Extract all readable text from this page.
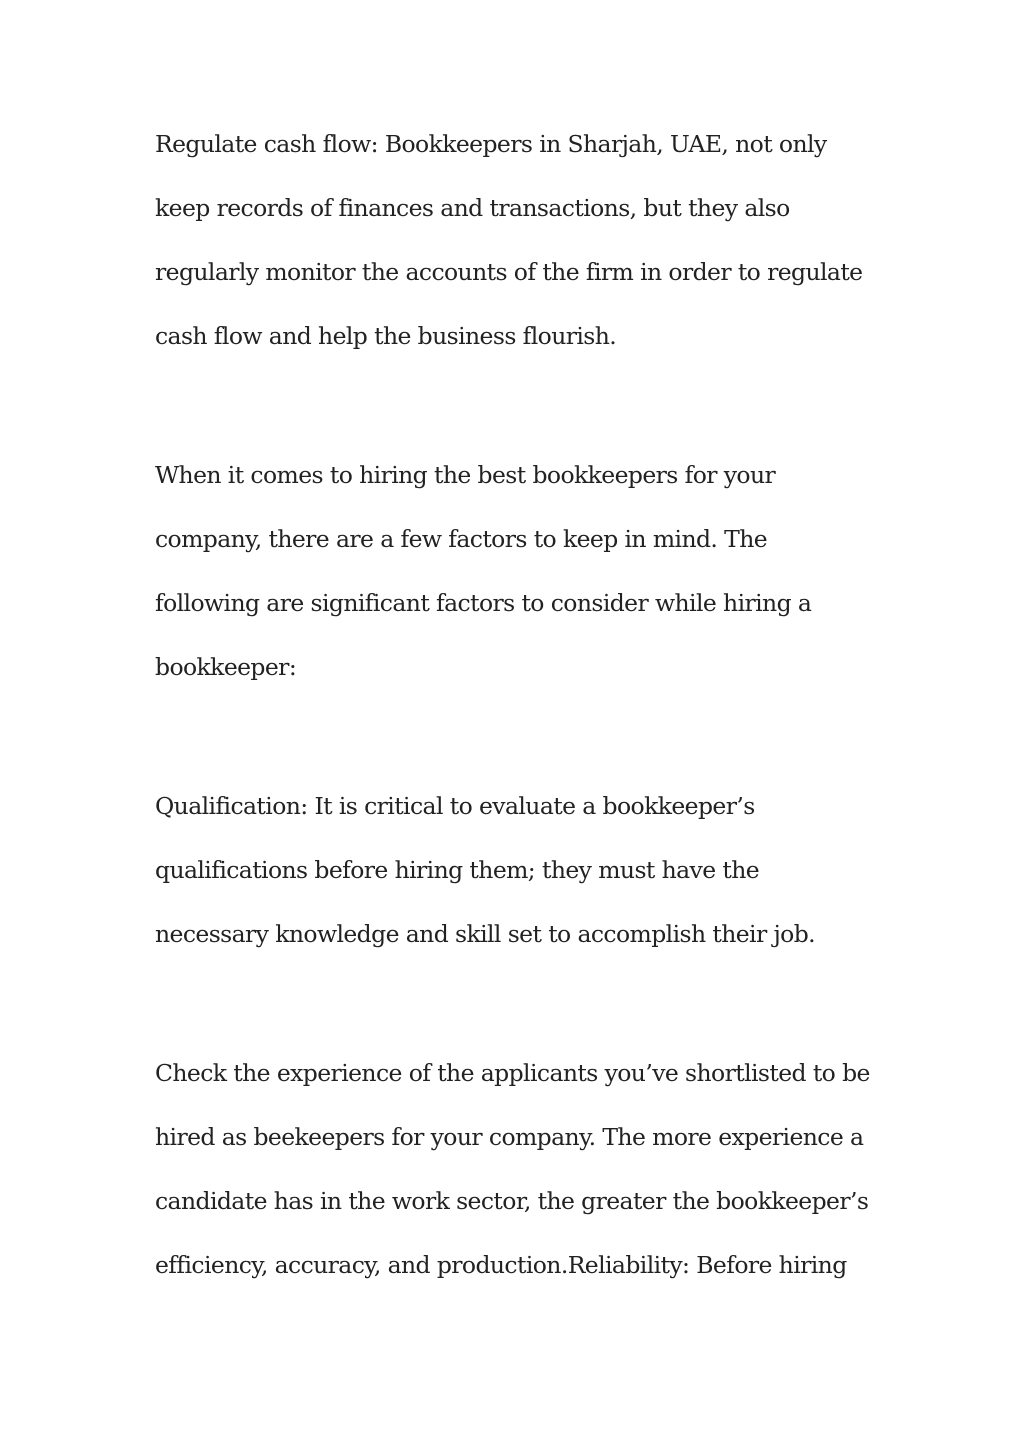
Regulate cash flow: Bookkeepers in Sharjah, UAE, not only
keep records of finances and transactions, but they also
regularly monitor the accounts of the firm in order to regulate
cash flow and help the business flourish.
When it comes to hiring the best bookkeepers for your
company, there are a few factors to keep in mind. The
following are significant factors to consider while hiring a
bookkeeper:
Qualification: It is critical to evaluate a bookkeeper’s
qualifications before hiring them; they must have the
necessary knowledge and skill set to accomplish their job.
Check the experience of the applicants you’ve shortlisted to be
hired as beekeepers for your company. The more experience a
candidate has in the work sector, the greater the bookkeeper’s
efficiency, accuracy, and production.Reliability: Before hiring
